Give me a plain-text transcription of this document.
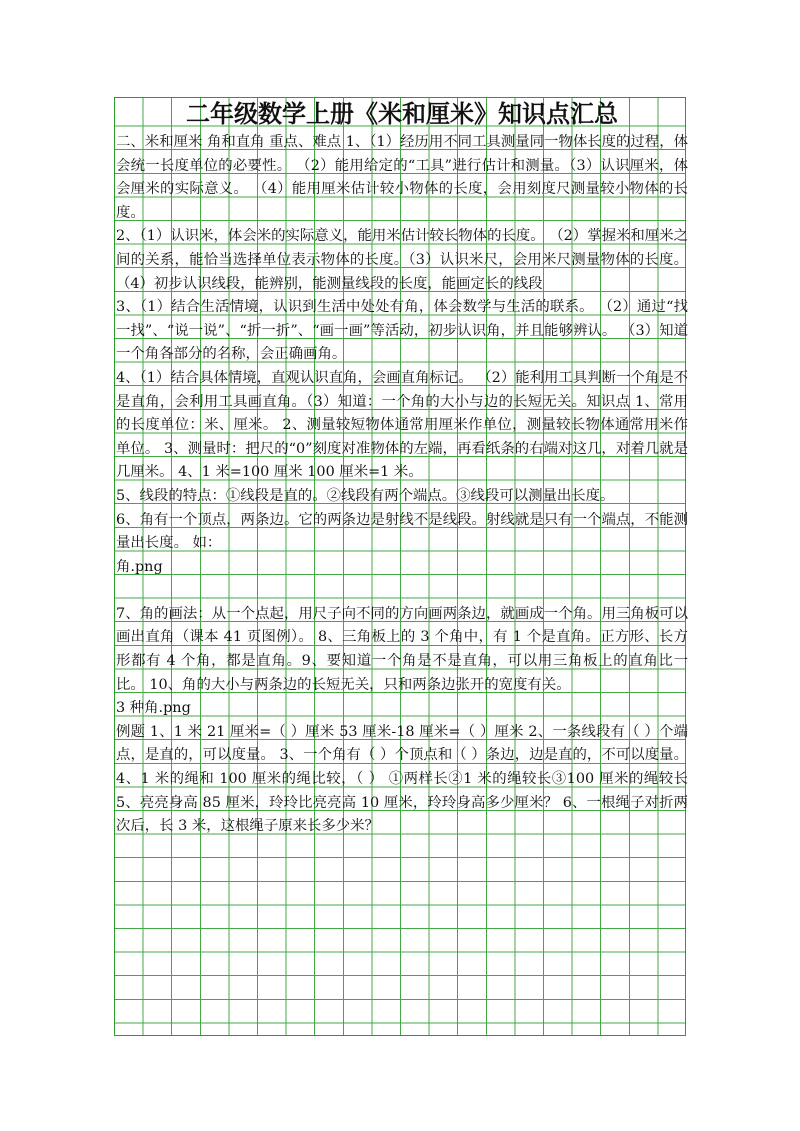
二年级数学上册《米和厘米》知识点汇总

二、米和厘米 角和直角 重点、难点 1、（1）经历用不同工具测量同一物体长度的过程，体会统一长度单位的必要性。 （2）能用给定的“工具”进行估计和测量。（3）认识厘米，体会厘米的实际意义。 （4）能用厘米估计较小物体的长度，会用刻度尺测量较小物体的长度。

2、（1）认识米，体会米的实际意义，能用米估计较长物体的长度。 （2）掌握米和厘米之间的关系，能恰当选择单位表示物体的长度。（3）认识米尺，会用米尺测量物体的长度。（4）初步认识线段，能辨别，能测量线段的长度，能画定长的线段

3、（1）结合生活情境，认识到生活中处处有角，体会数学与生活的联系。 （2）通过“找一找”、“说一说”、“折一折”、“画一画”等活动，初步认识角，并且能够辨认。 （3）知道一个角各部分的名称，会正确画角。

4、（1）结合具体情境，直观认识直角，会画直角标记。 （2）能利用工具判断一个角是不是直角，会利用工具画直角。（3）知道：一个角的大小与边的长短无关。知识点 1、常用的长度单位：米、厘米。 2、测量较短物体通常用厘米作单位，测量较长物体通常用米作单位。 3、测量时：把尺的“0”刻度对准物体的左端，再看纸条的右端对这几，对着几就是几厘米。 4、1 米=100 厘米 100 厘米=1 米。

5、线段的特点：①线段是直的。②线段有两个端点。③线段可以测量出长度。

6、角有一个顶点，两条边。它的两条边是射线不是线段。射线就是只有一个端点，不能测量出长度。 如：

角.png

7、角的画法：从一个点起，用尺子向不同的方向画两条边，就画成一个角。用三角板可以画出直角（课本 41 页图例）。 8、三角板上的 3 个角中，有 1 个是直角。正方形、长方形都有 4 个角，都是直角。9、要知道一个角是不是直角，可以用三角板上的直角比一比。 10、角的大小与两条边的长短无关，只和两条边张开的宽度有关。

3 种角.png

例题 1、1 米 21 厘米=（ ）厘米 53 厘米-18 厘米=（ ）厘米 2、一条线段有（ ）个端点，是直的，可以度量。 3、一个角有（ ）个顶点和（ ）条边，边是直的，不可以度量。 4、1 米的绳和 100 厘米的绳比较，（ ） ①两样长②1 米的绳较长③100 厘米的绳较长 5、亮亮身高 85 厘米，玲玲比亮亮高 10 厘米，玲玲身高多少厘米？ 6、一根绳子对折两次后，长 3 米，这根绳子原来长多少米？
